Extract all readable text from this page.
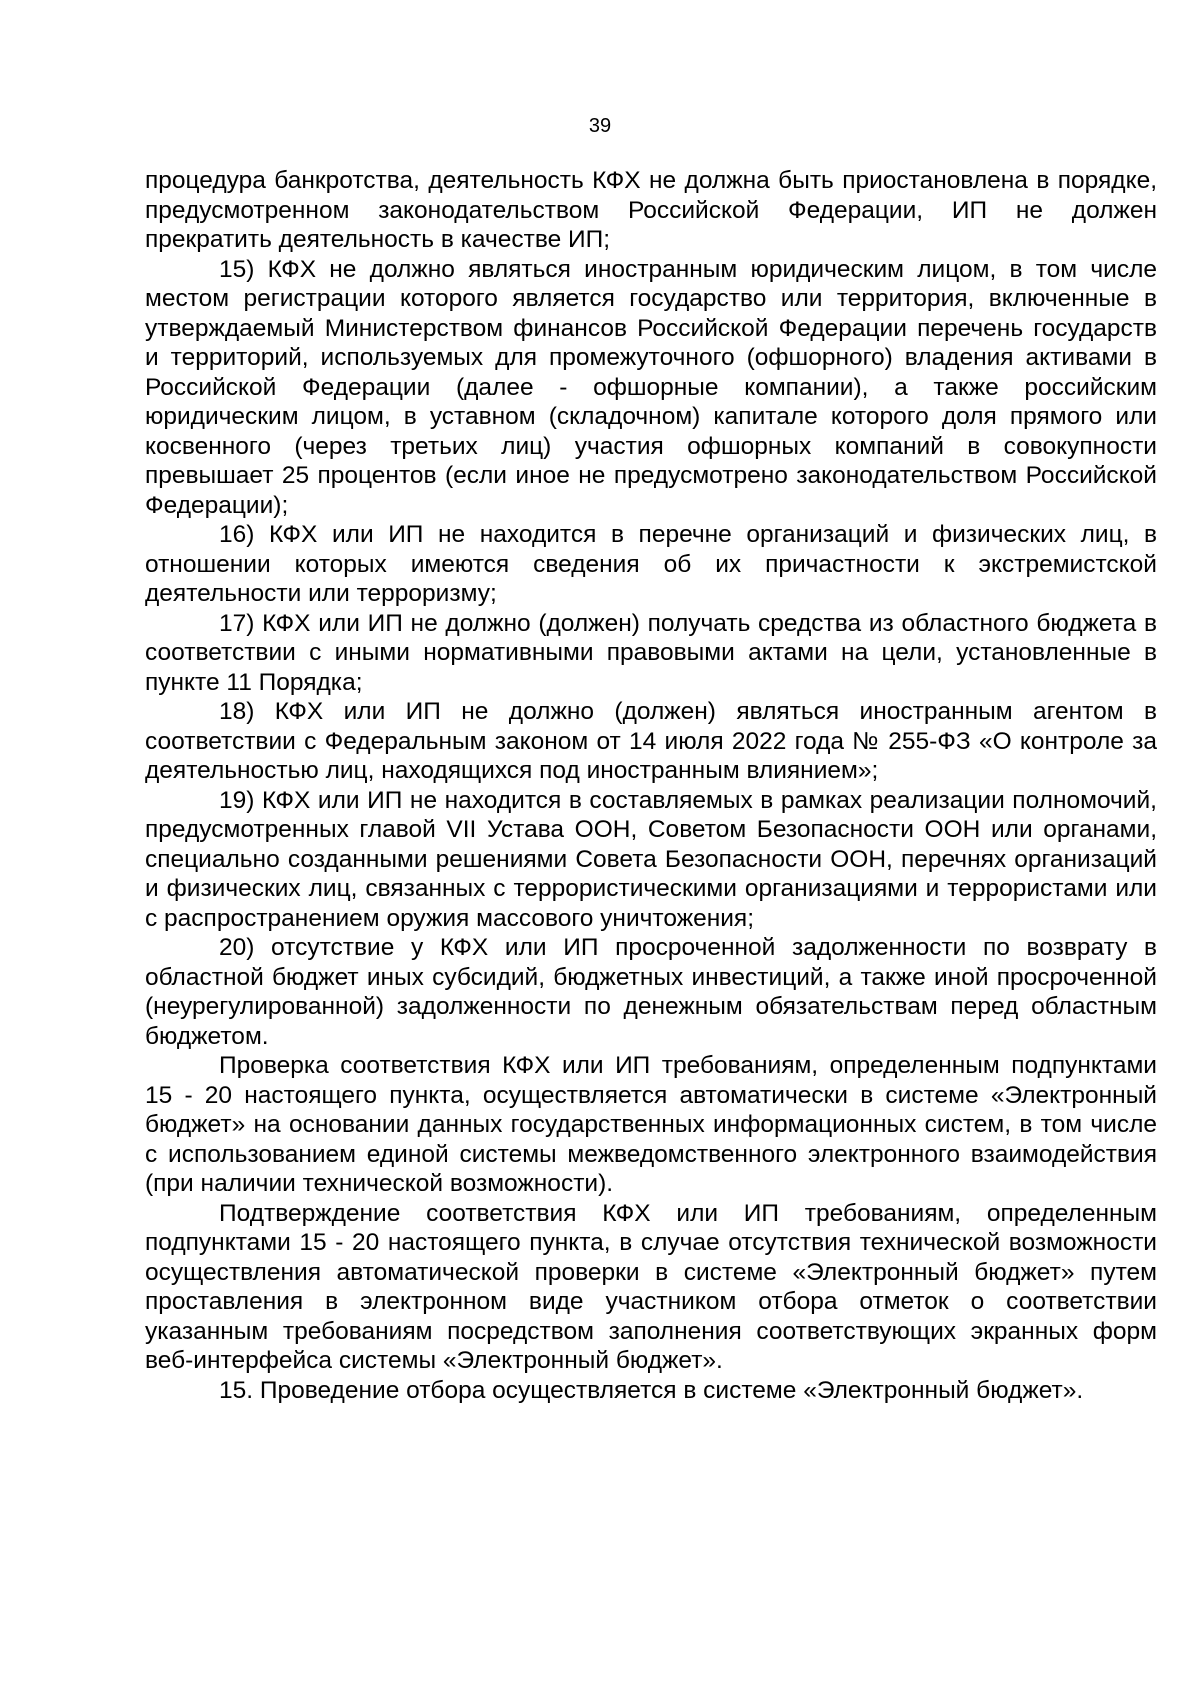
39

процедура банкротства, деятельность КФХ не должна быть приостановлена в порядке, предусмотренном законодательством Российской Федерации, ИП не должен прекратить деятельность в качестве ИП;

15) КФХ не должно являться иностранным юридическим лицом, в том числе местом регистрации которого является государство или территория, включенные в утверждаемый Министерством финансов Российской Федерации перечень государств и территорий, используемых для промежуточного (офшорного) владения активами в Российской Федерации (далее - офшорные компании), а также российским юридическим лицом, в уставном (складочном) капитале которого доля прямого или косвенного (через третьих лиц) участия офшорных компаний в совокупности превышает 25 процентов (если иное не предусмотрено законодательством Российской Федерации);

16) КФХ или ИП не находится в перечне организаций и физических лиц, в отношении которых имеются сведения об их причастности к экстремистской деятельности или терроризму;

17) КФХ или ИП не должно (должен) получать средства из областного бюджета в соответствии с иными нормативными правовыми актами на цели, установленные в пункте 11 Порядка;

18) КФХ или ИП не должно (должен) являться иностранным агентом в соответствии с Федеральным законом от 14 июля 2022 года № 255-ФЗ «О контроле за деятельностью лиц, находящихся под иностранным влиянием»;

19) КФХ или ИП не находится в составляемых в рамках реализации полномочий, предусмотренных главой VII Устава ООН, Советом Безопасности ООН или органами, специально созданными решениями Совета Безопасности ООН, перечнях организаций и физических лиц, связанных с террористическими организациями и террористами или с распространением оружия массового уничтожения;

20) отсутствие у КФХ или ИП просроченной задолженности по возврату в областной бюджет иных субсидий, бюджетных инвестиций, а также иной просроченной (неурегулированной) задолженности по денежным обязательствам перед областным бюджетом.

Проверка соответствия КФХ или ИП требованиям, определенным подпунктами 15 - 20 настоящего пункта, осуществляется автоматически в системе «Электронный бюджет» на основании данных государственных информационных систем, в том числе с использованием единой системы межведомственного электронного взаимодействия (при наличии технической возможности).

Подтверждение соответствия КФХ или ИП требованиям, определенным подпунктами 15 - 20 настоящего пункта, в случае отсутствия технической возможности осуществления автоматической проверки в системе «Электронный бюджет» путем проставления в электронном виде участником отбора отметок о соответствии указанным требованиям посредством заполнения соответствующих экранных форм веб-интерфейса системы «Электронный бюджет».

15. Проведение отбора осуществляется в системе «Электронный бюджет».
